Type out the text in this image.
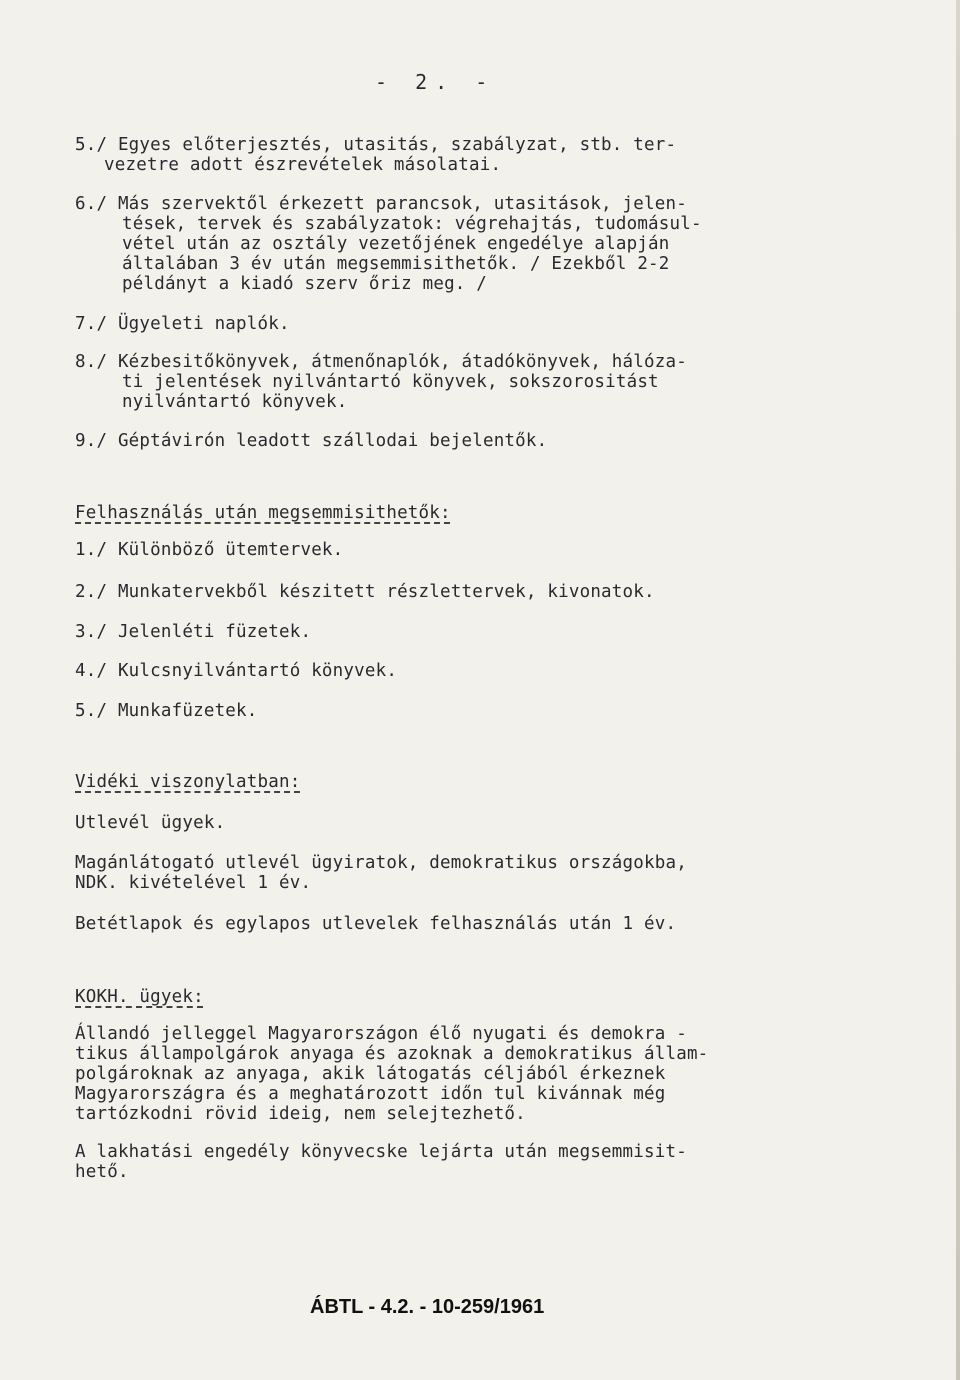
- 2. -
5./ Egyes előterjesztés, utasitás, szabályzat, stb. ter-
vezetre adott észrevételek másolatai.
6./ Más szervektől érkezett parancsok, utasitások, jelen-
tések, tervek és szabályzatok: végrehajtás, tudomásul-
vétel után az osztály vezetőjének engedélye alapján
általában 3 év után megsemmisithetők. / Ezekből 2-2
példányt a kiadó szerv őriz meg. /
7./ Ügyeleti naplók.
8./ Kézbesitőkönyvek, átmenőnaplók, átadókönyvek, hálóza-
ti jelentések nyilvántartó könyvek, sokszorositást
nyilvántartó könyvek.
9./ Géptávirón leadott szállodai bejelentők.
Felhasználás után megsemmisithetők:
1./ Különböző ütemtervek.
2./ Munkatervekből készitett részlettervek, kivonatok.
3./ Jelenléti füzetek.
4./ Kulcsnyilvántartó könyvek.
5./ Munkafüzetek.
Vidéki viszonylatban:
Utlevél ügyek.
Magánlátogató utlevél ügyiratok, demokratikus országokba,
NDK. kivételével 1 év.
Betétlapok és egylapos utlevelek felhasználás után 1 év.
KOKH. ügyek:
Állandó jelleggel Magyarországon élő nyugati és demokra -
tikus állampolgárok anyaga és azoknak a demokratikus állam-
polgároknak az anyaga, akik látogatás céljából érkeznek
Magyarországra és a meghatározott időn tul kivánnak még
tartózkodni rövid ideig, nem selejtezhető.
A lakhatási engedély könyvecske lejárta után megsemmisit-
hető.
ÁBTL - 4.2. - 10-259/1961
